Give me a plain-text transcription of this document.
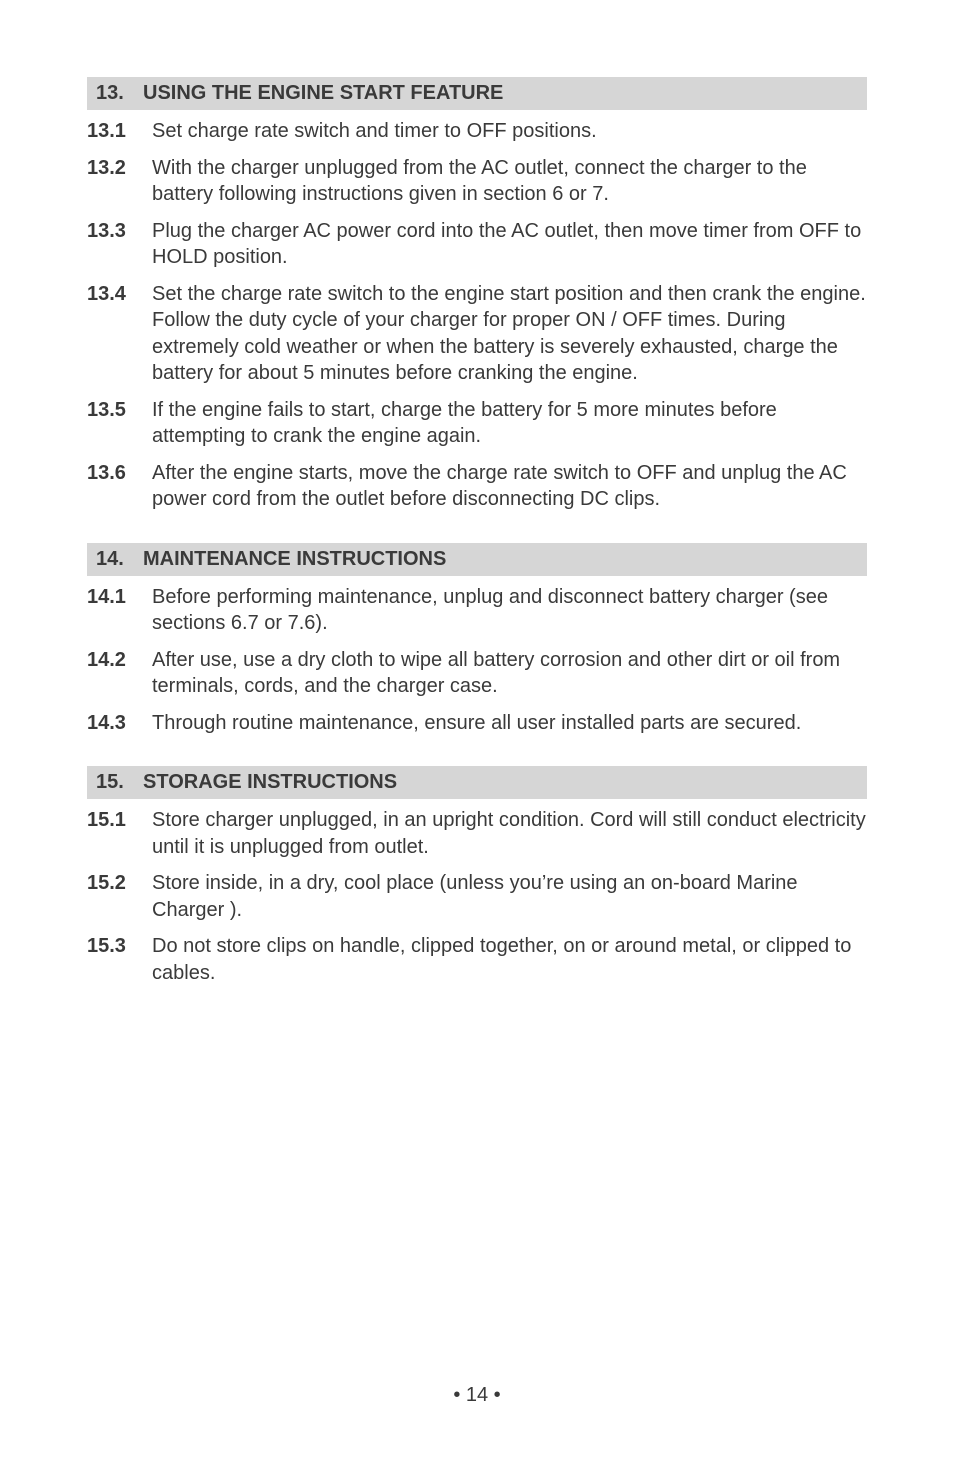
13. USING THE ENGINE START FEATURE
13.1	Set charge rate switch and timer to OFF positions.
13.2	With the charger unplugged from the AC outlet, connect the charger to the battery following instructions given in section 6 or 7.
13.3	Plug the charger AC power cord into the AC outlet, then move timer from OFF to HOLD position.
13.4	Set the charge rate switch to the engine start position and then crank the engine. Follow the duty cycle of your charger for proper ON / OFF times. During extremely cold weather or when the battery is severely exhausted, charge the battery for about 5 minutes before cranking the engine.
13.5	If the engine fails to start, charge the battery for 5 more minutes before attempting to crank the engine again.
13.6	After the engine starts, move the charge rate switch to OFF and unplug the AC power cord from the outlet before disconnecting DC clips.
14. MAINTENANCE INSTRUCTIONS
14.1	Before performing maintenance, unplug and disconnect battery charger (see sections 6.7 or 7.6).
14.2	After use, use a dry cloth to wipe all battery corrosion and other dirt or oil from terminals, cords, and the charger case.
14.3	Through routine maintenance, ensure all user installed parts are secured.
15. STORAGE INSTRUCTIONS
15.1	Store charger unplugged, in an upright condition. Cord will still conduct electricity until it is unplugged from outlet.
15.2	Store inside, in a dry, cool place (unless you’re using an on-board Marine Charger ).
15.3	Do not store clips on handle, clipped together, on or around metal, or clipped to cables.
• 14 •
